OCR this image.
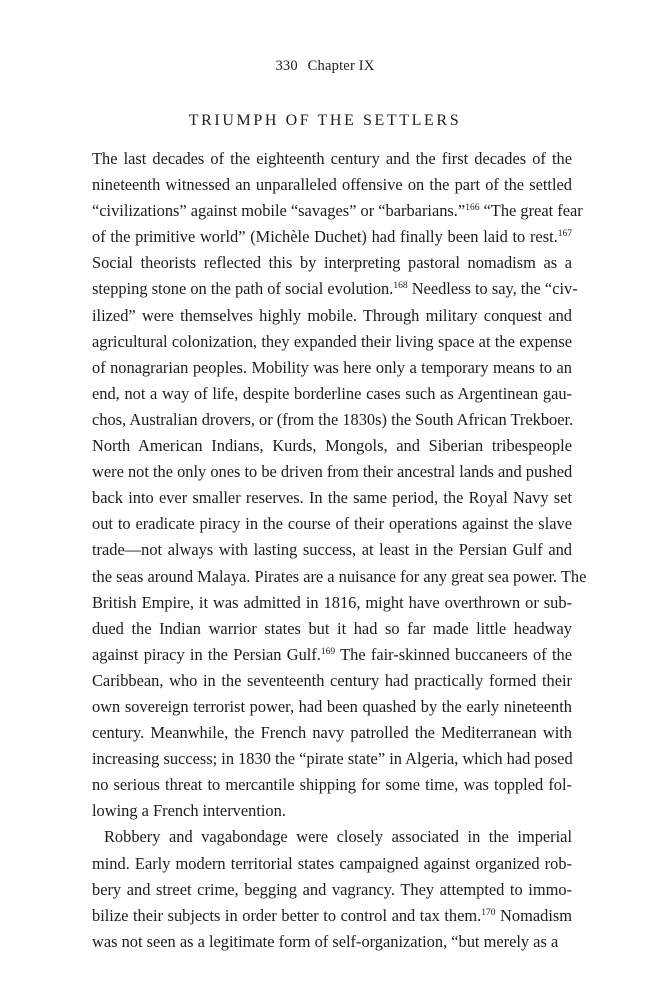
330 Chapter IX
TRIUMPH OF THE SETTLERS
The last decades of the eighteenth century and the first decades of the
nineteenth witnessed an unparalleled offensive on the part of the settled
“civilizations” against mobile “savages” or “barbarians.”$^{166}$ “The great fear
of the primitive world” (Michèle Duchet) had finally been laid to rest.$^{167}$
Social theorists reflected this by interpreting pastoral nomadism as a
stepping stone on the path of social evolution.$^{168}$ Needless to say, the “civ-
ilized” were themselves highly mobile. Through military conquest and
agricultural colonization, they expanded their living space at the expense
of nonagrarian peoples. Mobility was here only a temporary means to an
end, not a way of life, despite borderline cases such as Argentinean gau-
chos, Australian drovers, or (from the 1830s) the South African Trekboer.
North American Indians, Kurds, Mongols, and Siberian tribespeople
were not the only ones to be driven from their ancestral lands and pushed
back into ever smaller reserves. In the same period, the Royal Navy set
out to eradicate piracy in the course of their operations against the slave
trade—not always with lasting success, at least in the Persian Gulf and
the seas around Malaya. Pirates are a nuisance for any great sea power. The
British Empire, it was admitted in 1816, might have overthrown or sub-
dued the Indian warrior states but it had so far made little headway
against piracy in the Persian Gulf.$^{169}$ The fair-skinned buccaneers of the
Caribbean, who in the seventeenth century had practically formed their
own sovereign terrorist power, had been quashed by the early nineteenth
century. Meanwhile, the French navy patrolled the Mediterranean with
increasing success; in 1830 the “pirate state” in Algeria, which had posed
no serious threat to mercantile shipping for some time, was toppled fol-
lowing a French intervention.
Robbery and vagabondage were closely associated in the imperial
mind. Early modern territorial states campaigned against organized rob-
bery and street crime, begging and vagrancy. They attempted to immo-
bilize their subjects in order better to control and tax them.$^{170}$ Nomadism
was not seen as a legitimate form of self-organization, “but merely as a
